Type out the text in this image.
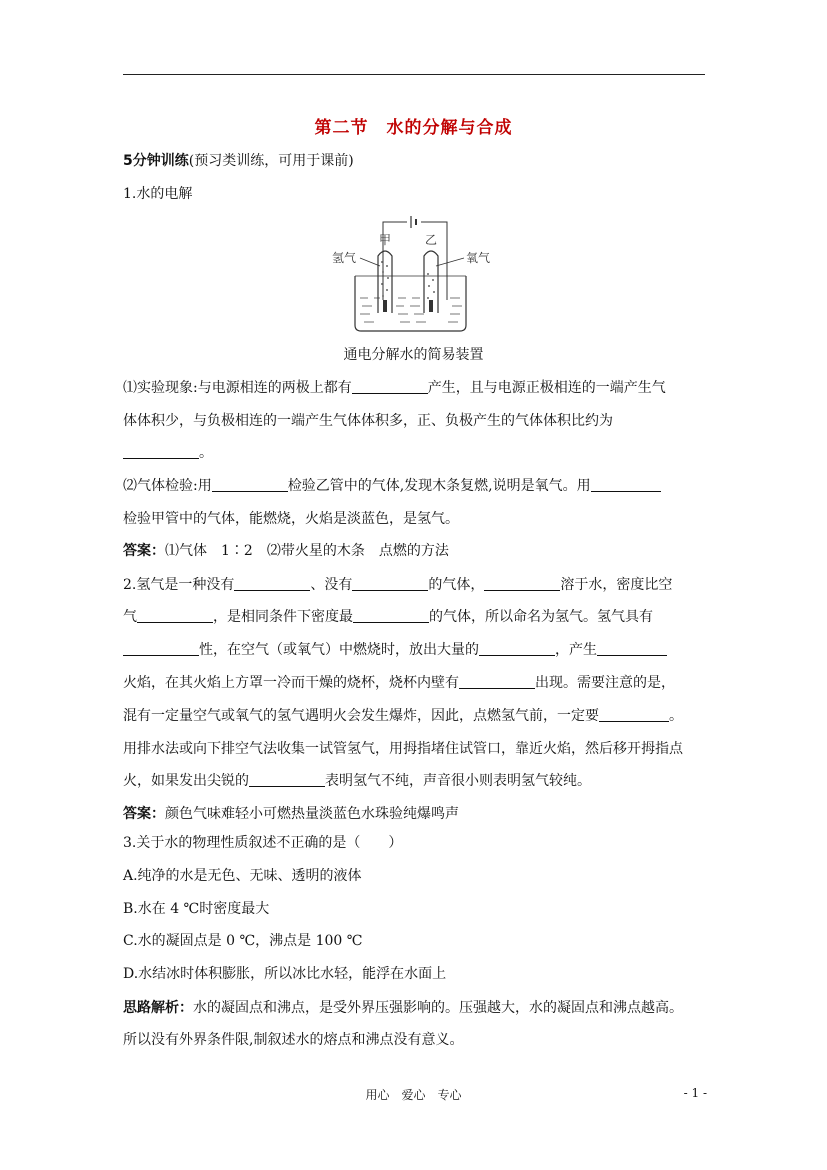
第二节　水的分解与合成
5分钟训练(预习类训练，可用于课前)
1.水的电解
氢气	氧气
甲	乙
通电分解水的简易装置
⑴实验现象:与电源相连的两极上都有	产生，且与电源正极相连的一端产生气
体体积少，与负极相连的一端产生气体体积多，正、负极产生的气体体积比约为
。
⑵气体检验:用	检验乙管中的气体,发现木条复燃,说明是氧气。用
检验甲管中的气体，能燃烧，火焰是淡蓝色，是氢气。
答案：⑴气体　1∶2　⑵带火星的木条　点燃的方法
2.氢气是一种没有	、没有	的气体，	溶于水，密度比空
气	，是相同条件下密度最	的气体，所以命名为氢气。氢气具有
性，在空气（或氧气）中燃烧时，放出大量的	，产生
火焰，在其火焰上方罩一冷而干燥的烧杯，烧杯内壁有	出现。需要注意的是，
混有一定量空气或氧气的氢气遇明火会发生爆炸，因此，点燃氢气前，一定要	。
用排水法或向下排空气法收集一试管氢气，用拇指堵住试管口，靠近火焰，然后移开拇指点
火，如果发出尖锐的	表明氢气不纯，声音很小则表明氢气较纯。
答案：颜色气味难轻小可燃热量淡蓝色水珠验纯爆鸣声
3.关于水的物理性质叙述不正确的是（　　）
A.纯净的水是无色、无味、透明的液体
B.水在 4 ℃时密度最大
C.水的凝固点是 0 ℃，沸点是 100 ℃
D.水结冰时体积膨胀，所以冰比水轻，能浮在水面上
思路解析：水的凝固点和沸点，是受外界压强影响的。压强越大，水的凝固点和沸点越高。
所以没有外界条件限,制叙述水的熔点和沸点没有意义。
用心　爱心　专心	- 1 -
